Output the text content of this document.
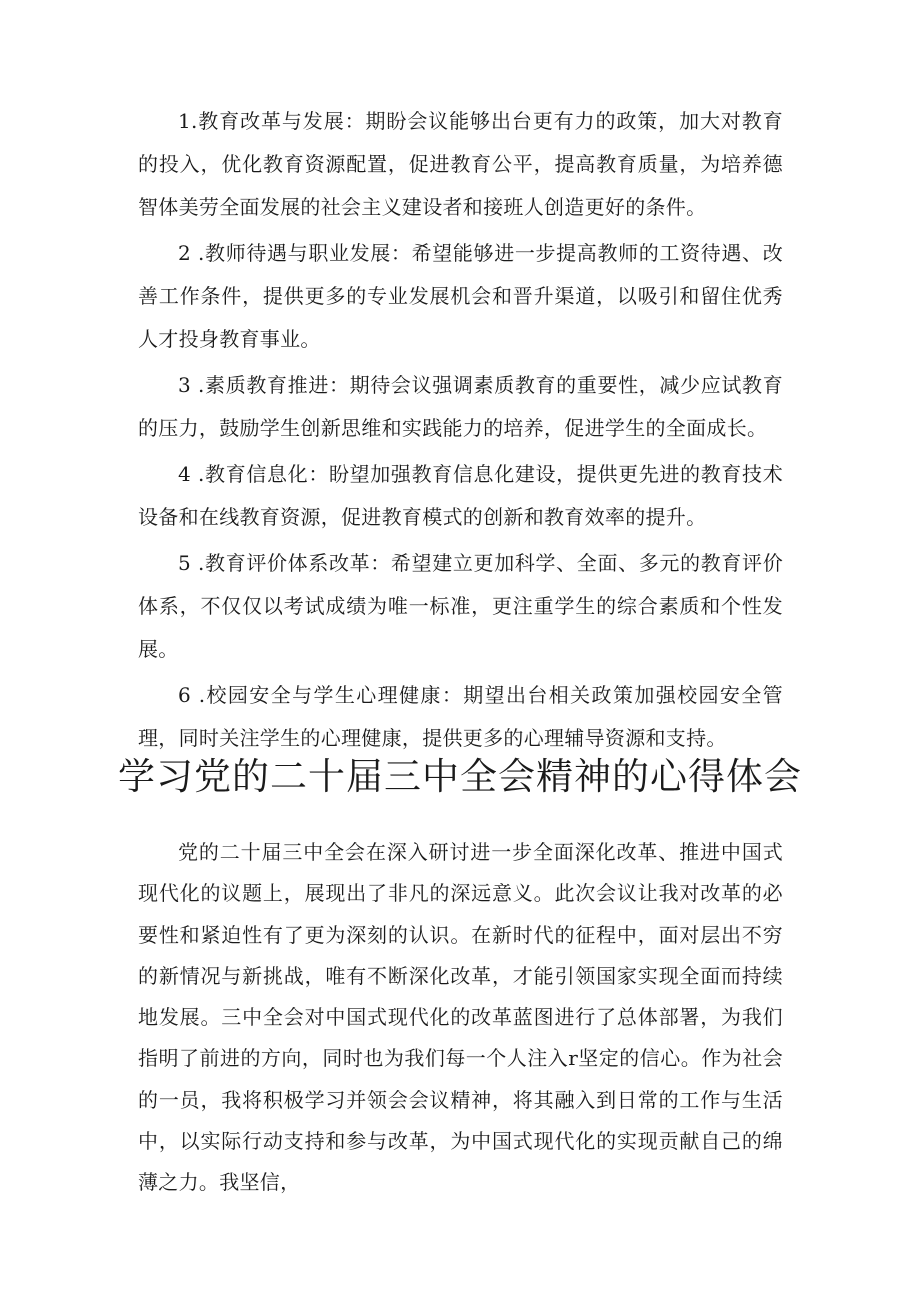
1.教育改革与发展：期盼会议能够出台更有力的政策，加大对教育的投入，优化教育资源配置，促进教育公平，提高教育质量，为培养德智体美劳全面发展的社会主义建设者和接班人创造更好的条件。

2 .教师待遇与职业发展：希望能够进一步提高教师的工资待遇、改善工作条件，提供更多的专业发展机会和晋升渠道，以吸引和留住优秀人才投身教育事业。

3 .素质教育推进：期待会议强调素质教育的重要性，减少应试教育的压力，鼓励学生创新思维和实践能力的培养，促进学生的全面成长。

4 .教育信息化：盼望加强教育信息化建设，提供更先进的教育技术设备和在线教育资源，促进教育模式的创新和教育效率的提升。

5 .教育评价体系改革：希望建立更加科学、全面、多元的教育评价体系，不仅仅以考试成绩为唯一标准，更注重学生的综合素质和个性发展。

6 .校园安全与学生心理健康：期望出台相关政策加强校园安全管理，同时关注学生的心理健康，提供更多的心理辅导资源和支持。

学习党的二十届三中全会精神的心得体会

党的二十届三中全会在深入研讨进一步全面深化改革、推进中国式现代化的议题上，展现出了非凡的深远意义。此次会议让我对改革的必要性和紧迫性有了更为深刻的认识。在新时代的征程中，面对层出不穷的新情况与新挑战，唯有不断深化改革，才能引领国家实现全面而持续地发展。三中全会对中国式现代化的改革蓝图进行了总体部署，为我们指明了前进的方向，同时也为我们每一个人注入r坚定的信心。作为社会的一员，我将积极学习并领会会议精神，将其融入到日常的工作与生活中，以实际行动支持和参与改革，为中国式现代化的实现贡献自己的绵薄之力。我坚信，
